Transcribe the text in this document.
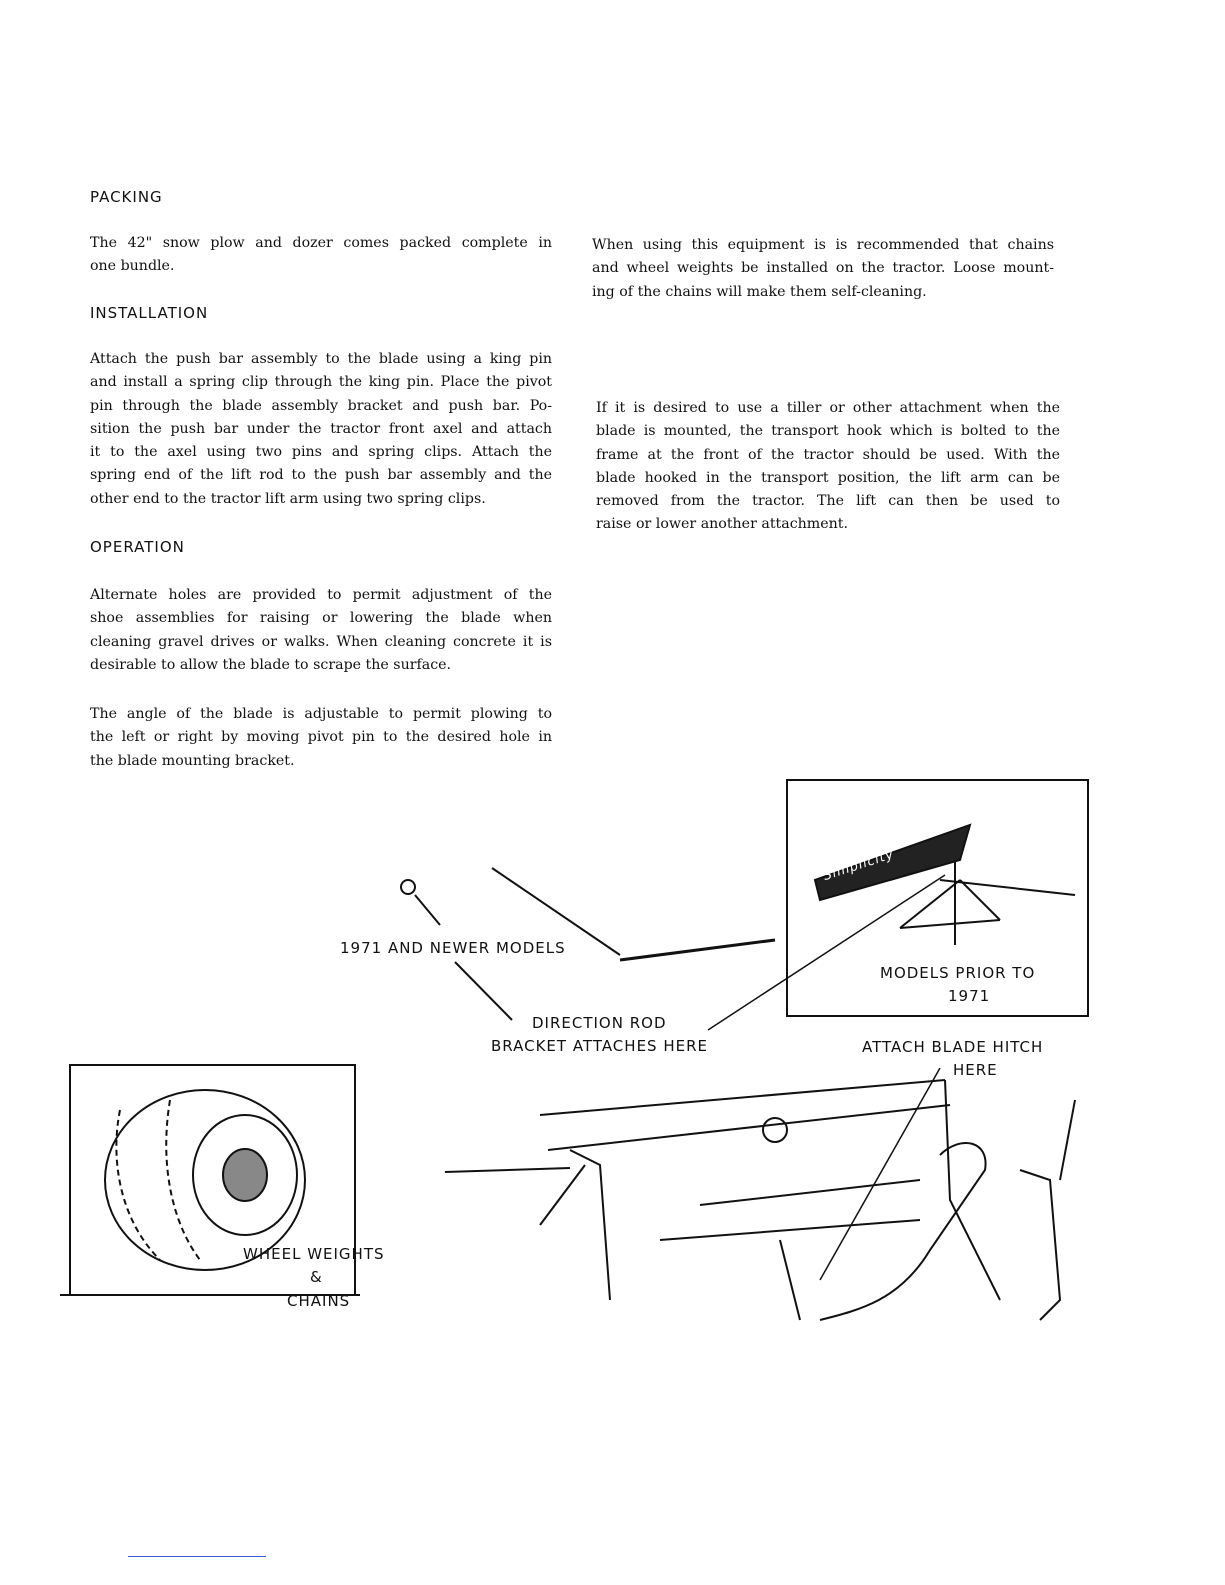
PACKING
The 42" snow plow and dozer comes packed complete in
one bundle.
INSTALLATION
Attach the push bar assembly to the blade using a king pin
and install a spring clip through the king pin. Place the pivot
pin through the blade assembly bracket and push bar. Po-
sition the push bar under the tractor front axel and attach
it to the axel using two pins and spring clips. Attach the
spring end of the lift rod to the push bar assembly and the
other end to the tractor lift arm using two spring clips.
OPERATION
Alternate holes are provided to permit adjustment of the
shoe assemblies for raising or lowering the blade when
cleaning gravel drives or walks. When cleaning concrete it is
desirable to allow the blade to scrape the surface.
The angle of the blade is adjustable to permit plowing to
the left or right by moving pivot pin to the desired hole in
the blade mounting bracket.
When using this equipment is is recommended that chains
and wheel weights be installed on the tractor. Loose mount-
ing of the chains will make them self-cleaning.
If it is desired to use a tiller or other attachment when the
blade is mounted, the transport hook which is bolted to the
frame at the front of the tractor should be used. With the
blade hooked in the transport position, the lift arm can be
removed from the tractor. The lift can then be used to
raise or lower another attachment.
1971 AND NEWER MODELS
DIRECTION ROD
BRACKET ATTACHES HERE
MODELS PRIOR TO
1971
ATTACH BLADE HITCH
HERE
WHEEL WEIGHTS
&
CHAINS
Simplicity
